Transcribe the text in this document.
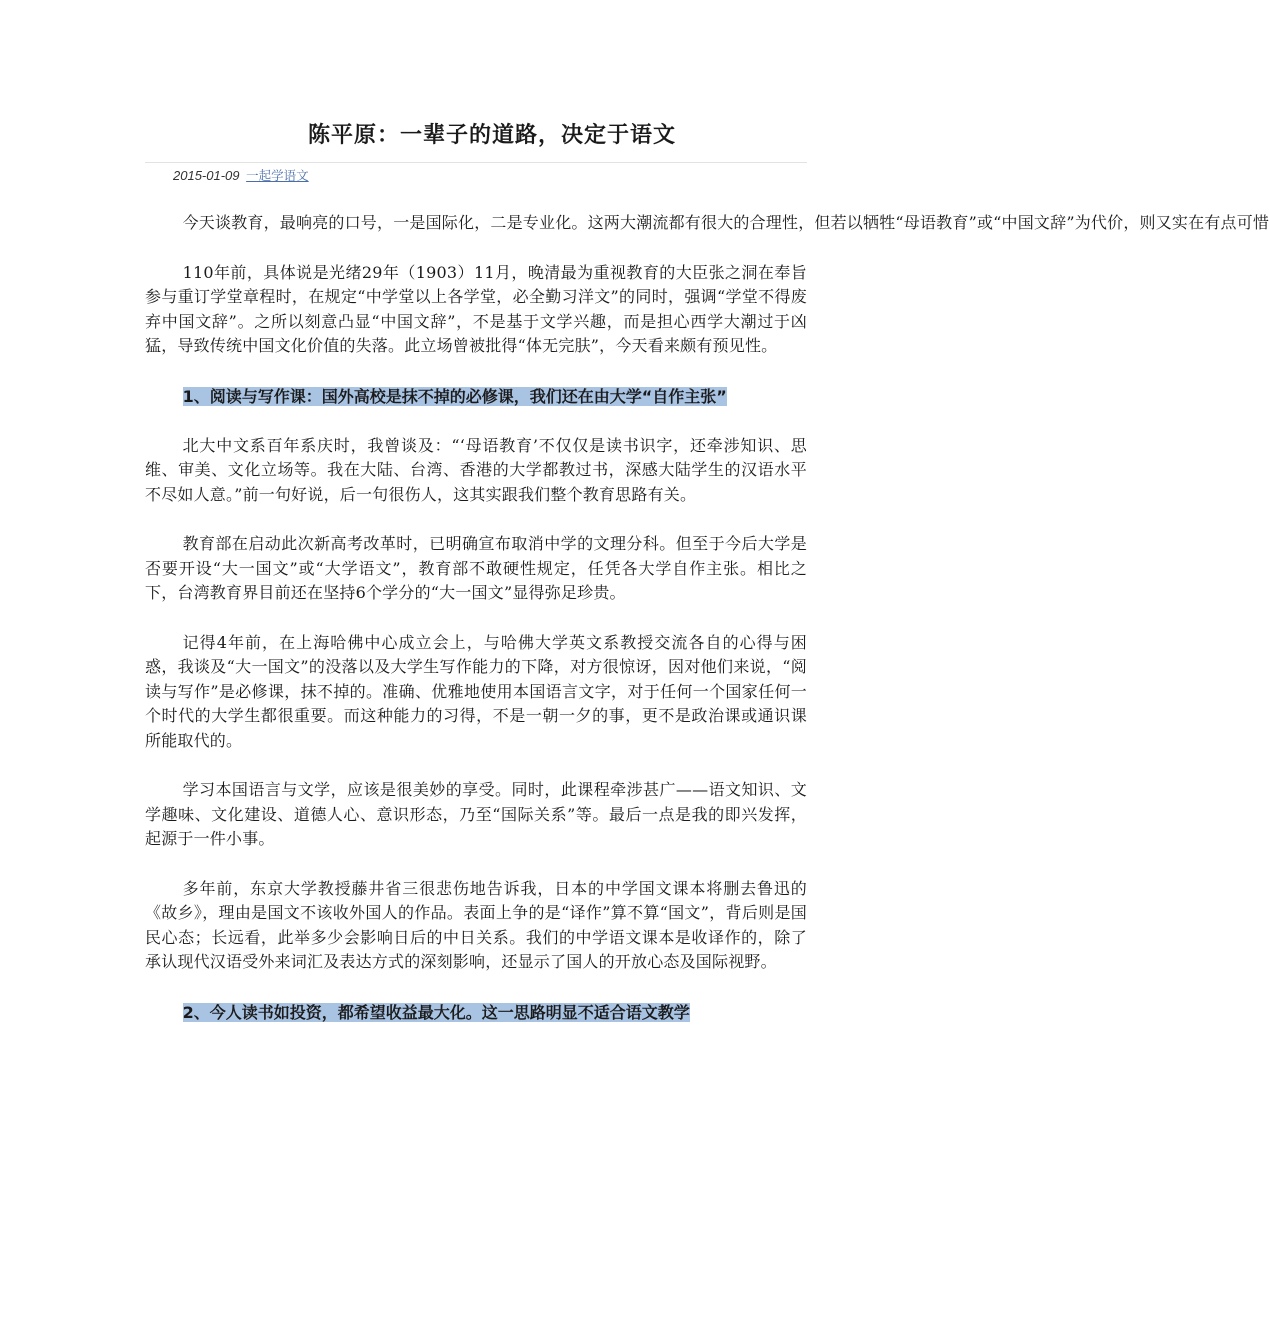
陈平原：一辈子的道路，决定于语文
2015-01-09 一起学语文

今天谈教育，最响亮的口号，一是国际化，二是专业化。这两大潮流都有很大的合理性，但若以牺牲“母语教育”或“中国文辞”为代价，则又实在有点可惜

110年前，具体说是光绪29年（1903）11月，晚清最为重视教育的大臣张之洞在奉旨参与重订学堂章程时，在规定“中学堂以上各学堂，必全勤习洋文”的同时，强调“学堂不得废弃中国文辞”。之所以刻意凸显“中国文辞”，不是基于文学兴趣，而是担心西学大潮过于凶猛，导致传统中国文化价值的失落。此立场曾被批得“体无完肤”，今天看来颇有预见性。

1、阅读与写作课：国外高校是抹不掉的必修课，我们还在由大学“自作主张”

北大中文系百年系庆时，我曾谈及：“‘母语教育’不仅仅是读书识字，还牵涉知识、思维、审美、文化立场等。我在大陆、台湾、香港的大学都教过书，深感大陆学生的汉语水平不尽如人意。”前一句好说，后一句很伤人，这其实跟我们整个教育思路有关。

教育部在启动此次新高考改革时，已明确宣布取消中学的文理分科。但至于今后大学是否要开设“大一国文”或“大学语文”，教育部不敢硬性规定，任凭各大学自作主张。相比之下，台湾教育界目前还在坚持6个学分的“大一国文”显得弥足珍贵。

记得4年前，在上海哈佛中心成立会上，与哈佛大学英文系教授交流各自的心得与困惑，我谈及“大一国文”的没落以及大学生写作能力的下降，对方很惊讶，因对他们来说，“阅读与写作”是必修课，抹不掉的。准确、优雅地使用本国语言文字，对于任何一个国家任何一个时代的大学生都很重要。而这种能力的习得，不是一朝一夕的事，更不是政治课或通识课所能取代的。

学习本国语言与文学，应该是很美妙的享受。同时，此课程牵涉甚广——语文知识、文学趣味、文化建设、道德人心、意识形态，乃至“国际关系”等。最后一点是我的即兴发挥，起源于一件小事。

多年前，东京大学教授藤井省三很悲伤地告诉我，日本的中学国文课本将删去鲁迅的《故乡》，理由是国文不该收外国人的作品。表面上争的是“译作”算不算“国文”，背后则是国民心态；长远看，此举多少会影响日后的中日关系。我们的中学语文课本是收译作的，除了承认现代汉语受外来词汇及表达方式的深刻影响，还显示了国人的开放心态及国际视野。

2、今人读书如投资，都希望收益最大化。这一思路明显不适合语文教学
